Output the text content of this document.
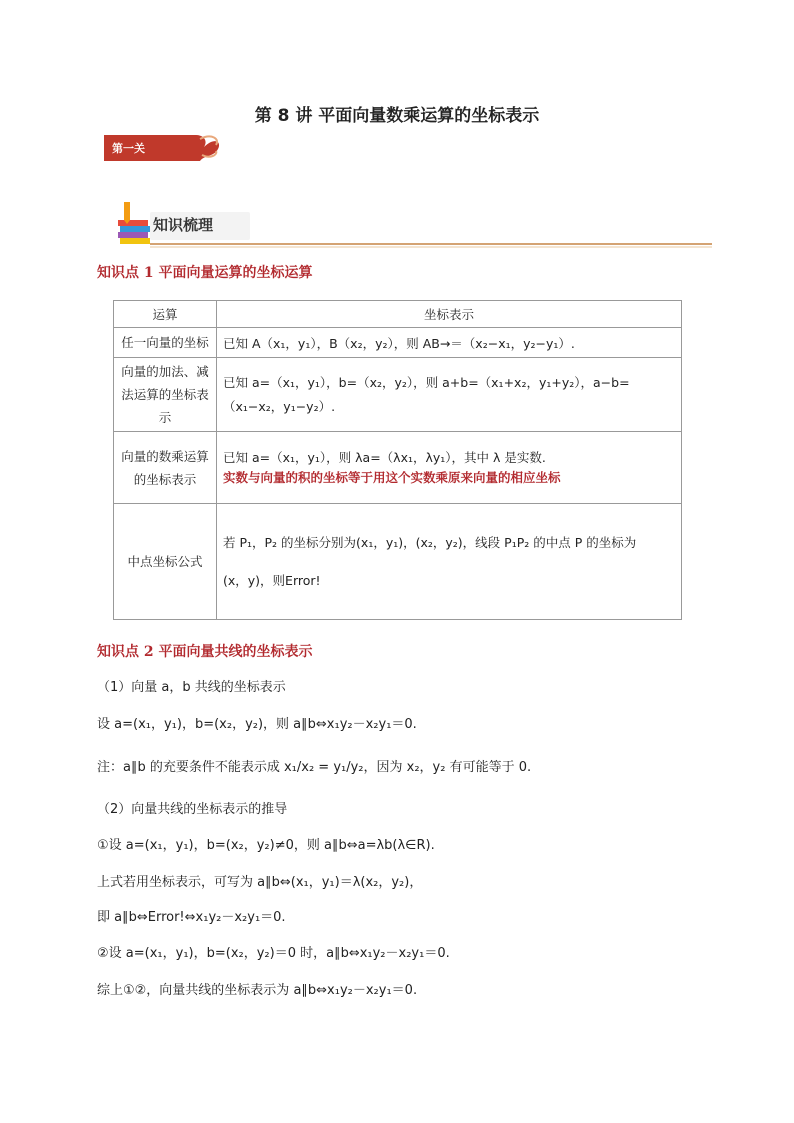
第 8 讲 平面向量数乘运算的坐标表示
第一关
知识梳理
知识点 1 平面向量运算的坐标运算
运算	坐标表示
任一向量的坐标	已知 A（x₁，y₁），B（x₂，y₂），则 AB→＝（x₂−x₁，y₂−y₁）.
向量的加法、减法运算的坐标表示	已知 a=（x₁，y₁），b=（x₂，y₂），则 a+b=（x₁+x₂，y₁+y₂），a−b=（x₁−x₂，y₁−y₂）.
向量的数乘运算的坐标表示	已知 a=（x₁，y₁），则 λa=（λx₁，λy₁），其中 λ 是实数.
实数与向量的积的坐标等于用这个实数乘原来向量的相应坐标

中点坐标公式	若 P₁，P₂ 的坐标分别为(x₁，y₁)，(x₂，y₂)，线段 P₁P₂ 的中点 P 的坐标为
(x，y)，则Error!
知识点 2 平面向量共线的坐标表示
（1）向量 a，b 共线的坐标表示
设 a=(x₁，y₁)，b=(x₂，y₂)，则 a∥b⇔x₁y₂－x₂y₁＝0.
注：a∥b 的充要条件不能表示成 x₁/x₂ = y₁/y₂，因为 x₂，y₂ 有可能等于 0.
（2）向量共线的坐标表示的推导
①设 a=(x₁，y₁)，b=(x₂，y₂)≠0，则 a∥b⇔a=λb(λ∈R).
上式若用坐标表示，可写为 a∥b⇔(x₁，y₁)＝λ(x₂，y₂)，
即 a∥b⇔Error!⇔x₁y₂－x₂y₁＝0.
②设 a=(x₁，y₁)，b=(x₂，y₂)＝0 时，a∥b⇔x₁y₂－x₂y₁＝0.
综上①②，向量共线的坐标表示为 a∥b⇔x₁y₂－x₂y₁＝0.
